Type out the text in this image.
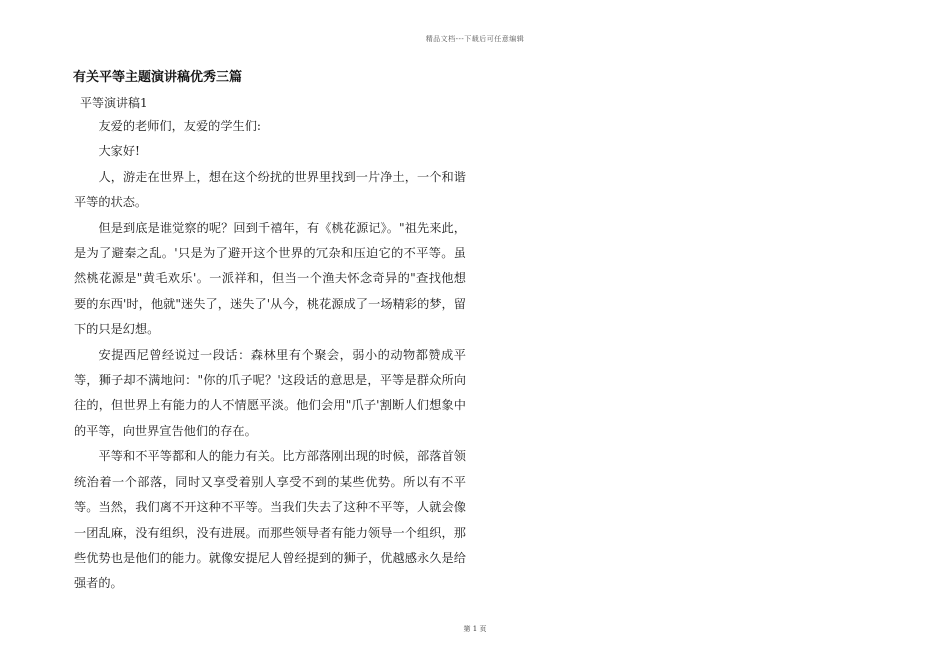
精品文档---下载后可任意编辑
有关平等主题演讲稿优秀三篇
平等演讲稿1

友爱的老师们，友爱的学生们:

大家好!

人，游走在世界上，想在这个纷扰的世界里找到一片净土，一个和谐平等的状态。

但是到底是谁觉察的呢？回到千禧年，有《桃花源记》。"祖先来此，是为了避秦之乱。'只是为了避开这个世界的冗杂和压迫它的不平等。虽然桃花源是"黄毛欢乐'。一派祥和，但当一个渔夫怀念奇异的"查找他想要的东西'时，他就"迷失了，迷失了'从今，桃花源成了一场精彩的梦，留下的只是幻想。

安提西尼曾经说过一段话：森林里有个聚会，弱小的动物都赞成平等，狮子却不满地问："你的爪子呢？'这段话的意思是，平等是群众所向往的，但世界上有能力的人不情愿平淡。他们会用"爪子'割断人们想象中的平等，向世界宣告他们的存在。

平等和不平等都和人的能力有关。比方部落刚出现的时候，部落首领统治着一个部落，同时又享受着别人享受不到的某些优势。所以有不平等。当然，我们离不开这种不平等。当我们失去了这种不平等，人就会像一团乱麻，没有组织，没有进展。而那些领导者有能力领导一个组织，那些优势也是他们的能力。就像安提尼人曾经提到的狮子，优越感永久是给强者的。

第 1 页
